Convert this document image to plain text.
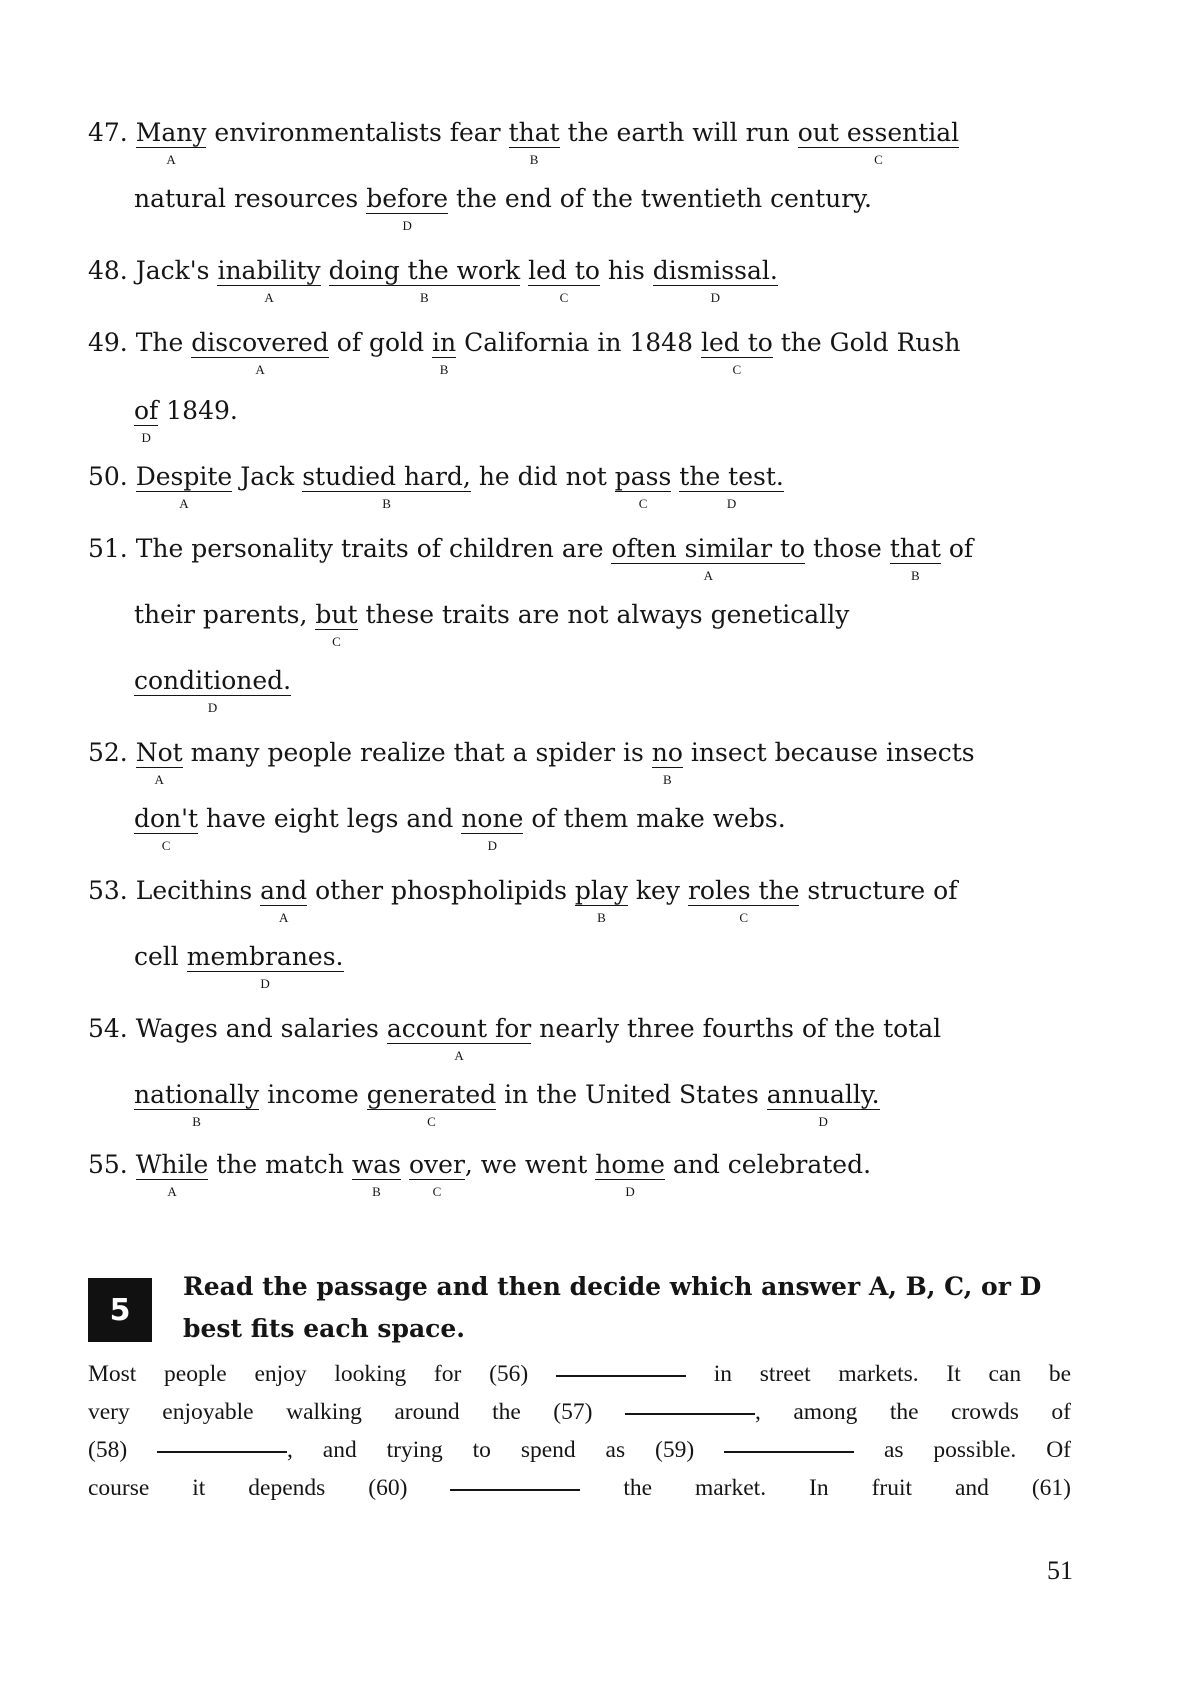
47. Many
A
environmentalists fear that
B
the earth will run out essential
C
natural resources before
D
the end of the twentieth century.
48. Jack's inability
A
doing the work
B
led to
C
his dismissal.
D
49. The discovered
A
of gold in
B
California in 1848 led to
C
the Gold Rush
of
D
1849.
50. Despite
A
Jack studied hard,
B
he did not pass
C
the test.
D
51. The personality traits of children are often similar to
A
those that
B
of
their parents, but
C
these traits are not always genetically
conditioned.
D
52. Not
A
many people realize that a spider is no
B
insect because insects
don't
C
have eight legs and none
D
of them make webs.
53. Lecithins and
A
other phospholipids play
B
key roles the
C
structure of
cell membranes.
D
54. Wages and salaries account for
A
nearly three fourths of the total
nationally
B
income generated
C
in the United States annually.
D
55. While
A
the match was
B
over
C
, we went home
D
and celebrated.
5
Read the passage and then decide which answer A, B, C, or D best fits each space.
Most people enjoy looking for (56)	in street markets. It can be
very enjoyable walking around the (57)	, among the crowds of
(58)	, and trying to spend as (59)	as possible. Of
course it depends (60)	the market. In fruit and (61)
51
